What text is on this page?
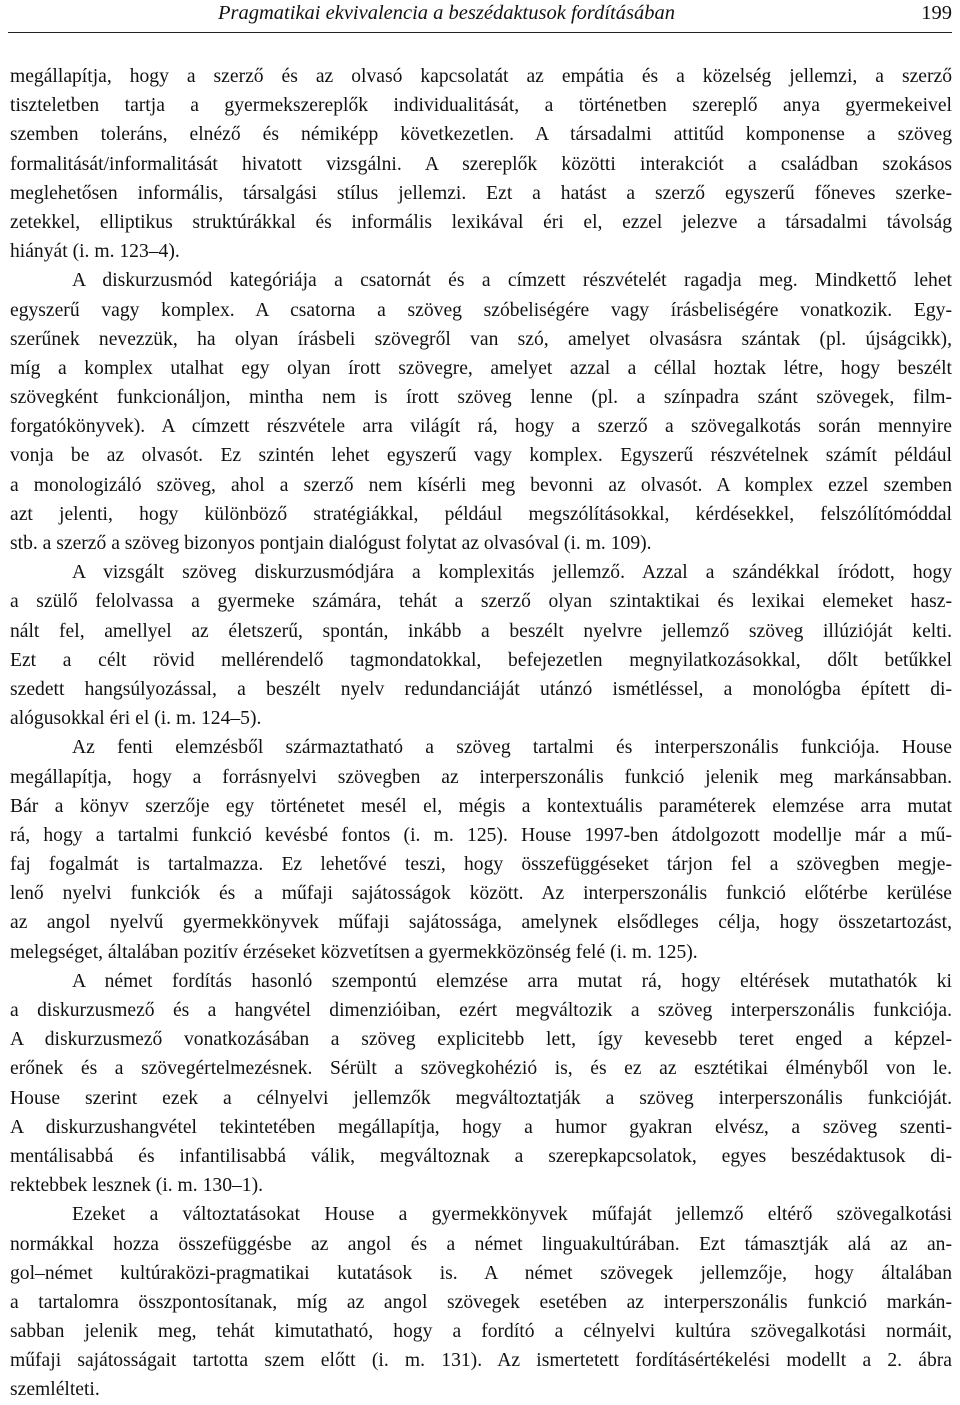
Pragmatikai ekvivalencia a beszédaktusok fordításában	199
megállapítja, hogy a szerző és az olvasó kapcsolatát az empátia és a közelség jellemzi, a szerző
tiszteletben tartja a gyermekszereplők individualitását, a történetben szereplő anya gyermekeivel
szemben toleráns, elnéző és némiképp következetlen. A társadalmi attitűd komponense a szöveg
formalitását/informalitását hivatott vizsgálni. A szereplők közötti interakciót a családban szokásos
meglehetősen informális, társalgási stílus jellemzi. Ezt a hatást a szerző egyszerű főneves szerke-
zetekkel, elliptikus struktúrákkal és informális lexikával éri el, ezzel jelezve a társadalmi távolság
hiányát (i. m. 123–4).
A diskurzusmód kategóriája a csatornát és a címzett részvételét ragadja meg. Mindkettő lehet
egyszerű vagy komplex. A csatorna a szöveg szóbeliségére vagy írásbeliségére vonatkozik. Egy-
szerűnek nevezzük, ha olyan írásbeli szövegről van szó, amelyet olvasásra szántak (pl. újságcikk),
míg a komplex utalhat egy olyan írott szövegre, amelyet azzal a céllal hoztak létre, hogy beszélt
szövegként funkcionáljon, mintha nem is írott szöveg lenne (pl. a színpadra szánt szövegek, film-
forgatókönyvek). A címzett részvétele arra világít rá, hogy a szerző a szövegalkotás során mennyire
vonja be az olvasót. Ez szintén lehet egyszerű vagy komplex. Egyszerű részvételnek számít például
a monologizáló szöveg, ahol a szerző nem kísérli meg bevonni az olvasót. A komplex ezzel szemben
azt jelenti, hogy különböző stratégiákkal, például megszólításokkal, kérdésekkel, felszólítómóddal
stb. a szerző a szöveg bizonyos pontjain dialógust folytat az olvasóval (i. m. 109).
A vizsgált szöveg diskurzusmódjára a komplexitás jellemző. Azzal a szándékkal íródott, hogy
a szülő felolvassa a gyermeke számára, tehát a szerző olyan szintaktikai és lexikai elemeket hasz-
nált fel, amellyel az életszerű, spontán, inkább a beszélt nyelvre jellemző szöveg illúzióját kelti.
Ezt a célt rövid mellérendelő tagmondatokkal, befejezetlen megnyilatkozásokkal, dőlt betűkkel
szedett hangsúlyozással, a beszélt nyelv redundanciáját utánzó ismétléssel, a monológba épített di-
alógusokkal éri el (i. m. 124–5).
Az fenti elemzésből származtatható a szöveg tartalmi és interperszonális funkciója. House
megállapítja, hogy a forrásnyelvi szövegben az interperszonális funkció jelenik meg markánsabban.
Bár a könyv szerzője egy történetet mesél el, mégis a kontextuális paraméterek elemzése arra mutat
rá, hogy a tartalmi funkció kevésbé fontos (i. m. 125). House 1997-ben átdolgozott modellje már a mű-
faj fogalmát is tartalmazza. Ez lehetővé teszi, hogy összefüggéseket tárjon fel a szövegben megje-
lenő nyelvi funkciók és a műfaji sajátosságok között. Az interperszonális funkció előtérbe kerülése
az angol nyelvű gyermekkönyvek műfaji sajátossága, amelynek elsődleges célja, hogy összetartozást,
melegséget, általában pozitív érzéseket közvetítsen a gyermekközönség felé (i. m. 125).
A német fordítás hasonló szempontú elemzése arra mutat rá, hogy eltérések mutathatók ki
a diskurzusmező és a hangvétel dimenzióiban, ezért megváltozik a szöveg interperszonális funkciója.
A diskurzusmező vonatkozásában a szöveg explicitebb lett, így kevesebb teret enged a képzel-
erőnek és a szövegértelmezésnek. Sérült a szövegkohézió is, és ez az esztétikai élményből von le.
House szerint ezek a célnyelvi jellemzők megváltoztatják a szöveg interperszonális funkcióját.
A diskurzushangvétel tekintetében megállapítja, hogy a humor gyakran elvész, a szöveg szenti-
mentálisabbá és infantilisabbá válik, megváltoznak a szerepkapcsolatok, egyes beszédaktusok di-
rektebbek lesznek (i. m. 130–1).
Ezeket a változtatásokat House a gyermekkönyvek műfaját jellemző eltérő szövegalkotási
normákkal hozza összefüggésbe az angol és a német linguakultúrában. Ezt támasztják alá az an-
gol–német kultúraközi-pragmatikai kutatások is. A német szövegek jellemzője, hogy általában
a tartalomra összpontosítanak, míg az angol szövegek esetében az interperszonális funkció markán-
sabban jelenik meg, tehát kimutatható, hogy a fordító a célnyelvi kultúra szövegalkotási normáit,
műfaji sajátosságait tartotta szem előtt (i. m. 131). Az ismertetett fordításértékelési modellt a 2. ábra
szemlélteti.
